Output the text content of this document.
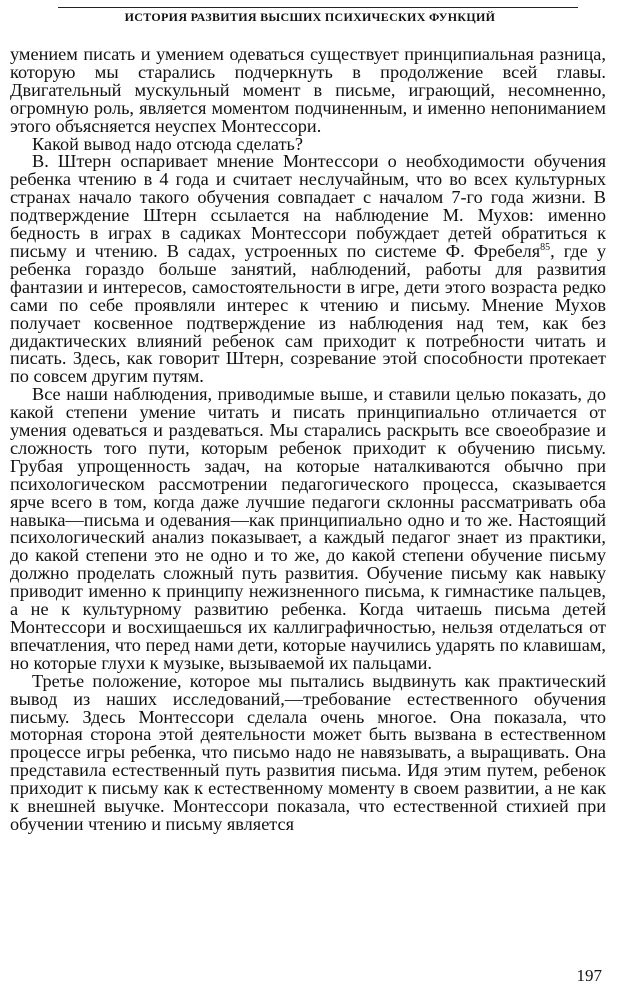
ИСТОРИЯ РАЗВИТИЯ ВЫСШИХ ПСИХИЧЕСКИХ ФУНКЦИЙ

умением писать и умением одеваться существует принципиальная разница, которую мы старались подчеркнуть в продолжение всей главы. Двигательный мускульный момент в письме, играющий, несомненно, огромную роль, является моментом подчиненным, и именно непониманием этого объясняется неуспех Монтессори.

Какой вывод надо отсюда сделать?

В. Штерн оспаривает мнение Монтессори о необходимости обучения ребенка чтению в 4 года и считает неслучайным, что во всех культурных странах начало такого обучения совпадает с началом 7-го года жизни. В подтверждение Штерн ссылается на наблюдение М. Мухов: именно бедность в играх в садиках Монтессори побуждает детей обратиться к письму и чтению. В садах, устроенных по системе Ф. Фребеля$^{85}$, где у ребенка гораздо больше занятий, наблюдений, работы для развития фантазии и интересов, самостоятельности в игре, дети этого возраста редко сами по себе проявляли интерес к чтению и письму. Мнение Мухов получает косвенное подтверждение из наблюдения над тем, как без дидактических влияний ребенок сам приходит к потребности читать и писать. Здесь, как говорит Штерн, созревание этой способности протекает по совсем другим путям.

Все наши наблюдения, приводимые выше, и ставили целью показать, до какой степени умение читать и писать принципиально отличается от умения одеваться и раздеваться. Мы старались раскрыть все своеобразие и сложность того пути, которым ребенок приходит к обучению письму. Грубая упрощенность задач, на которые наталкиваются обычно при психологическом рассмотрении педагогического процесса, сказывается ярче всего в том, когда даже лучшие педагоги склонны рассматривать оба навыка—письма и одевания—как принципиально одно и то же. Настоящий психологический анализ показывает, а каждый педагог знает из практики, до какой степени это не одно и то же, до какой степени обучение письму должно проделать сложный путь развития. Обучение письму как навыку приводит именно к принципу нежизненного письма, к гимнастике пальцев, а не к культурному развитию ребенка. Когда читаешь письма детей Монтессори и восхищаешься их каллиграфичностью, нельзя отделаться от впечатления, что перед нами дети, которые научились ударять по клавишам, но которые глухи к музыке, вызываемой их пальцами.

Третье положение, которое мы пытались выдвинуть как практический вывод из наших исследований,—требование естественного обучения письму. Здесь Монтессори сделала очень многое. Она показала, что моторная сторона этой деятельности может быть вызвана в естественном процессе игры ребенка, что письмо надо не навязывать, а выращивать. Она представила естественный путь развития письма. Идя этим путем, ребенок приходит к письму как к естественному моменту в своем развитии, а не как к внешней выучке. Монтессори показала, что естественной стихией при обучении чтению и письму является

197
